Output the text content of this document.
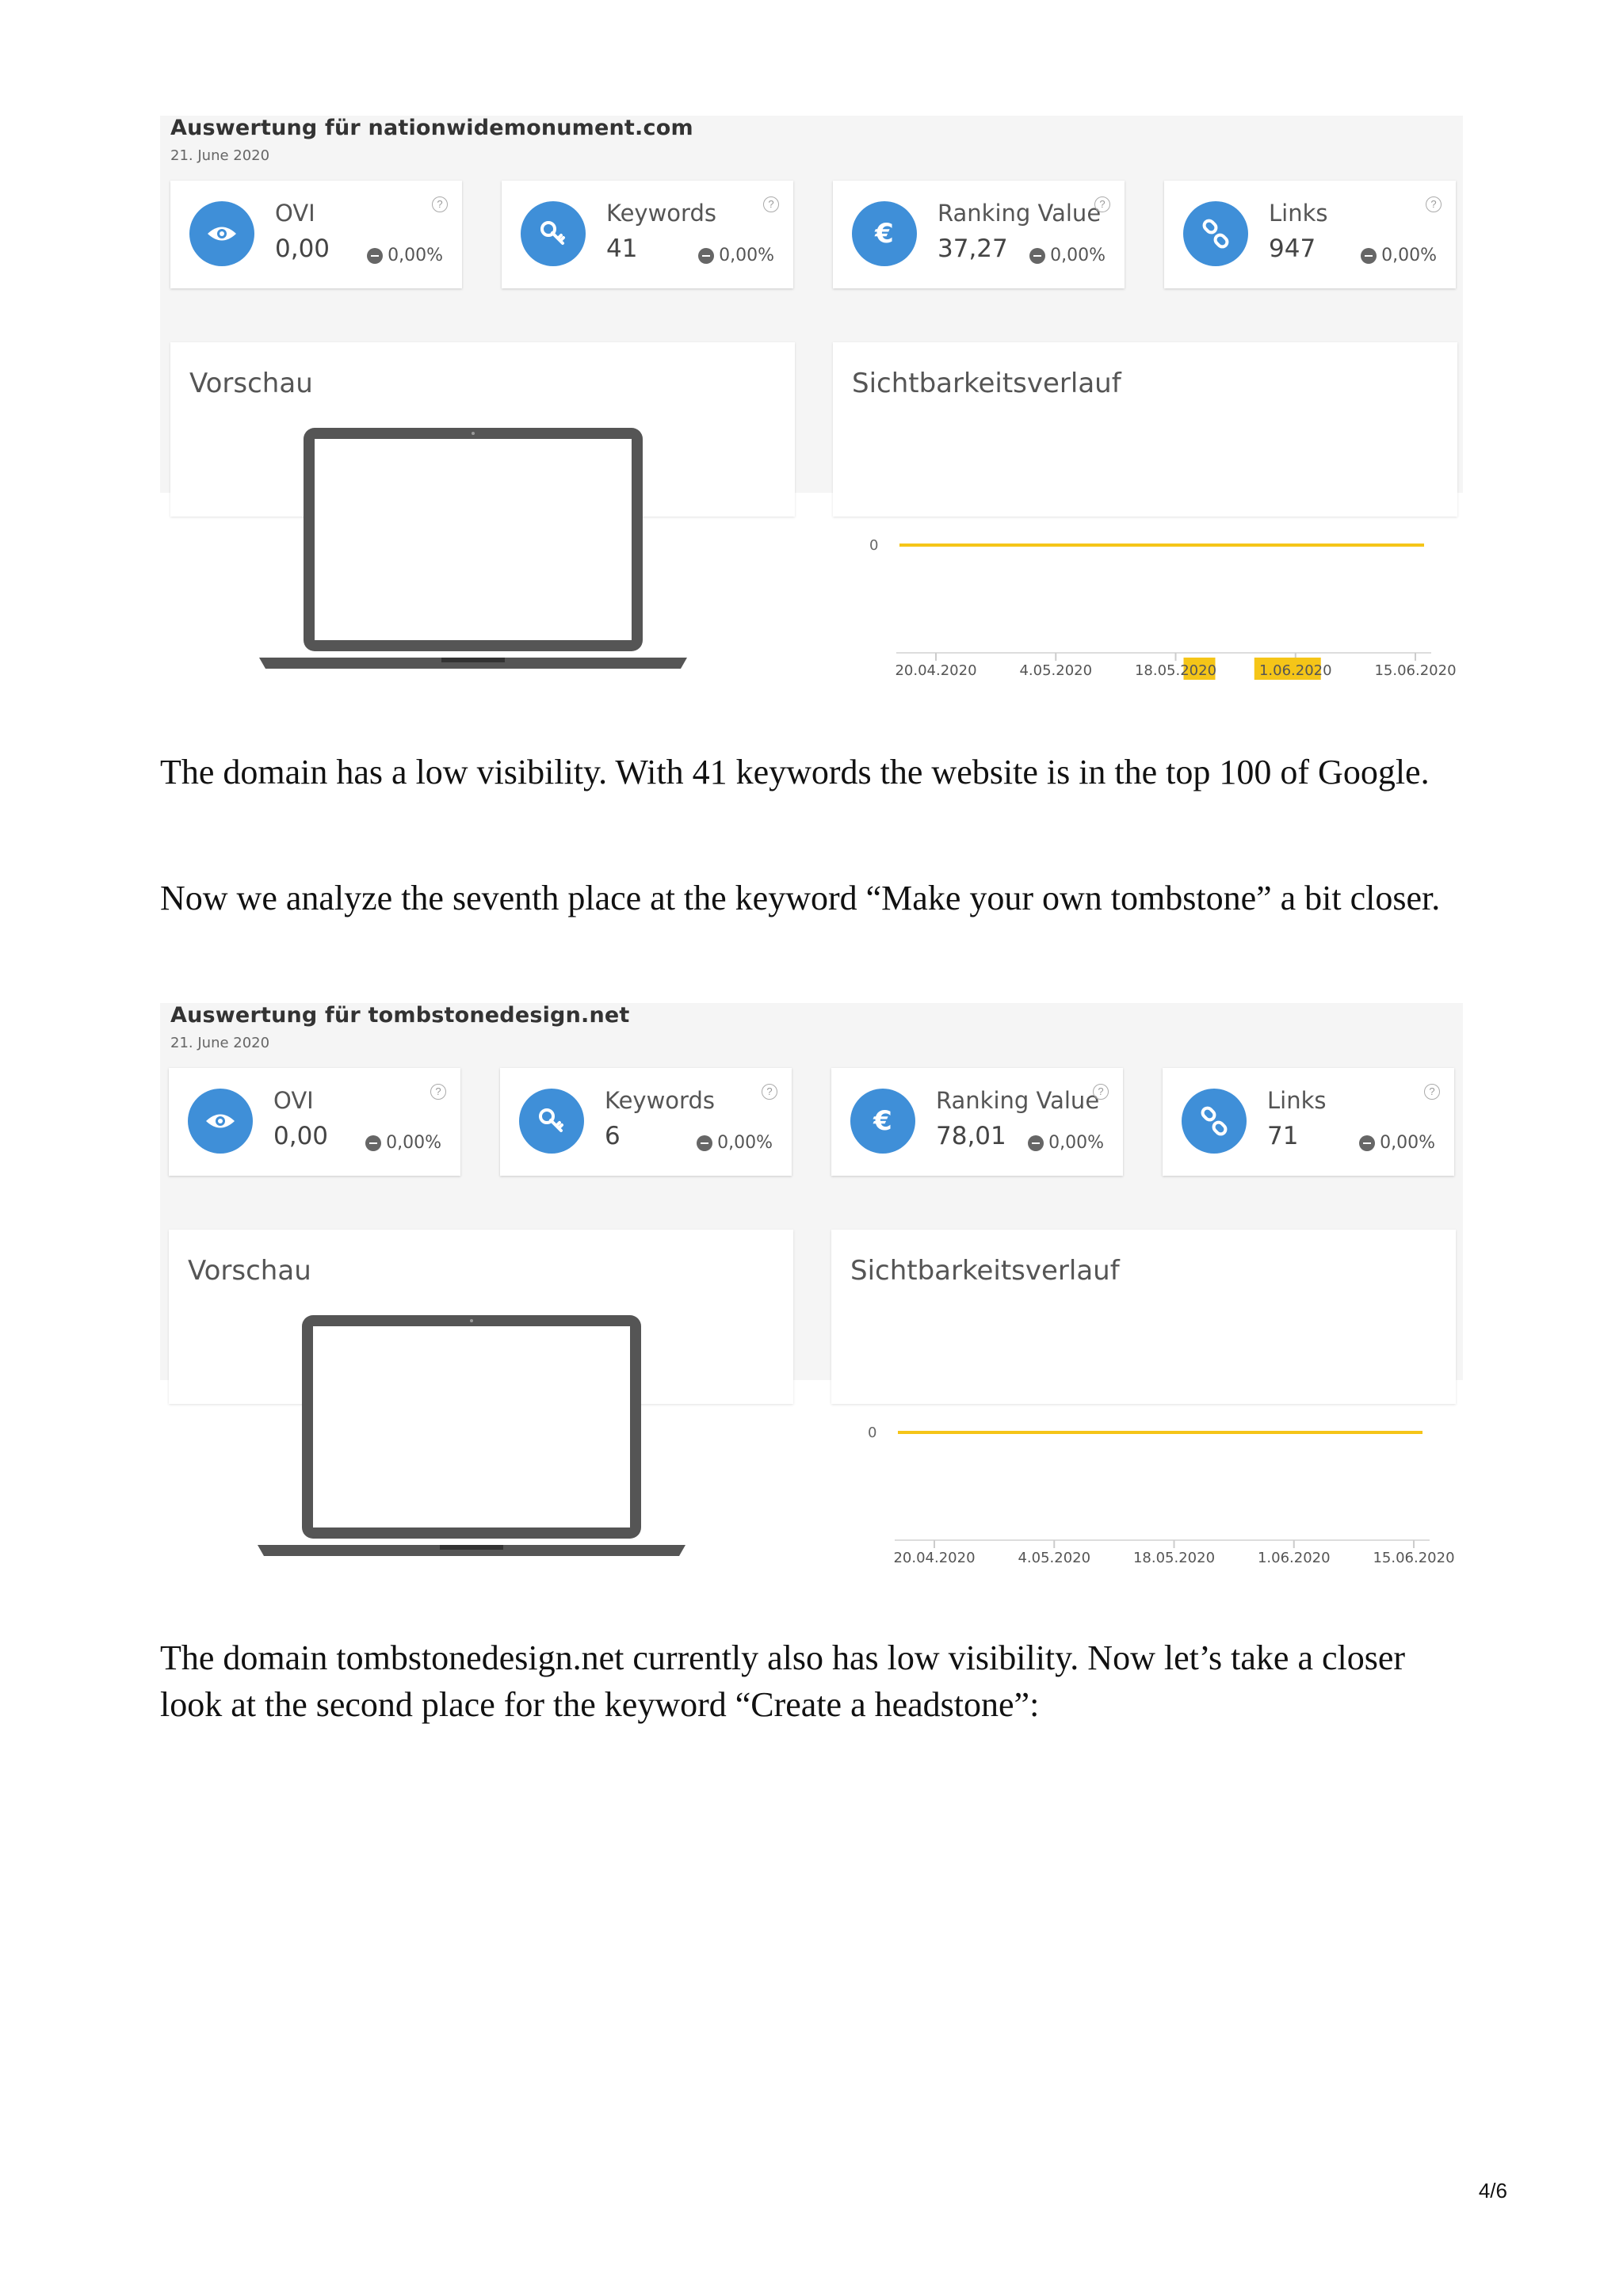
Auswertung für nationwidemonument.com
21. June 2020
OVI
0,00
?
0,00%
Keywords
41
?
0,00%
€
Ranking Value
37,27
?
0,00%
Links
947
?
0,00%
Vorschau	Sichtbarkeitsverlauf
0
20.04.2020	4.05.2020	18.05.2020	1.06.2020	15.06.2020

The domain has a low visibility. With 41 keywords the website is in the top 100 of Google.

Now we analyze the seventh place at the keyword “Make your own tombstone” a bit closer.

Auswertung für tombstonedesign.net
21. June 2020
OVI
0,00
?
0,00%
Keywords
6
?
0,00%
€
Ranking Value
78,01
?
0,00%
Links
71
?
0,00%
Vorschau	Sichtbarkeitsverlauf
0
20.04.2020	4.05.2020	18.05.2020	1.06.2020	15.06.2020

The domain tombstonedesign.net currently also has low visibility. Now let’s take a closer look at the second place for the keyword “Create a headstone”:

4/6
